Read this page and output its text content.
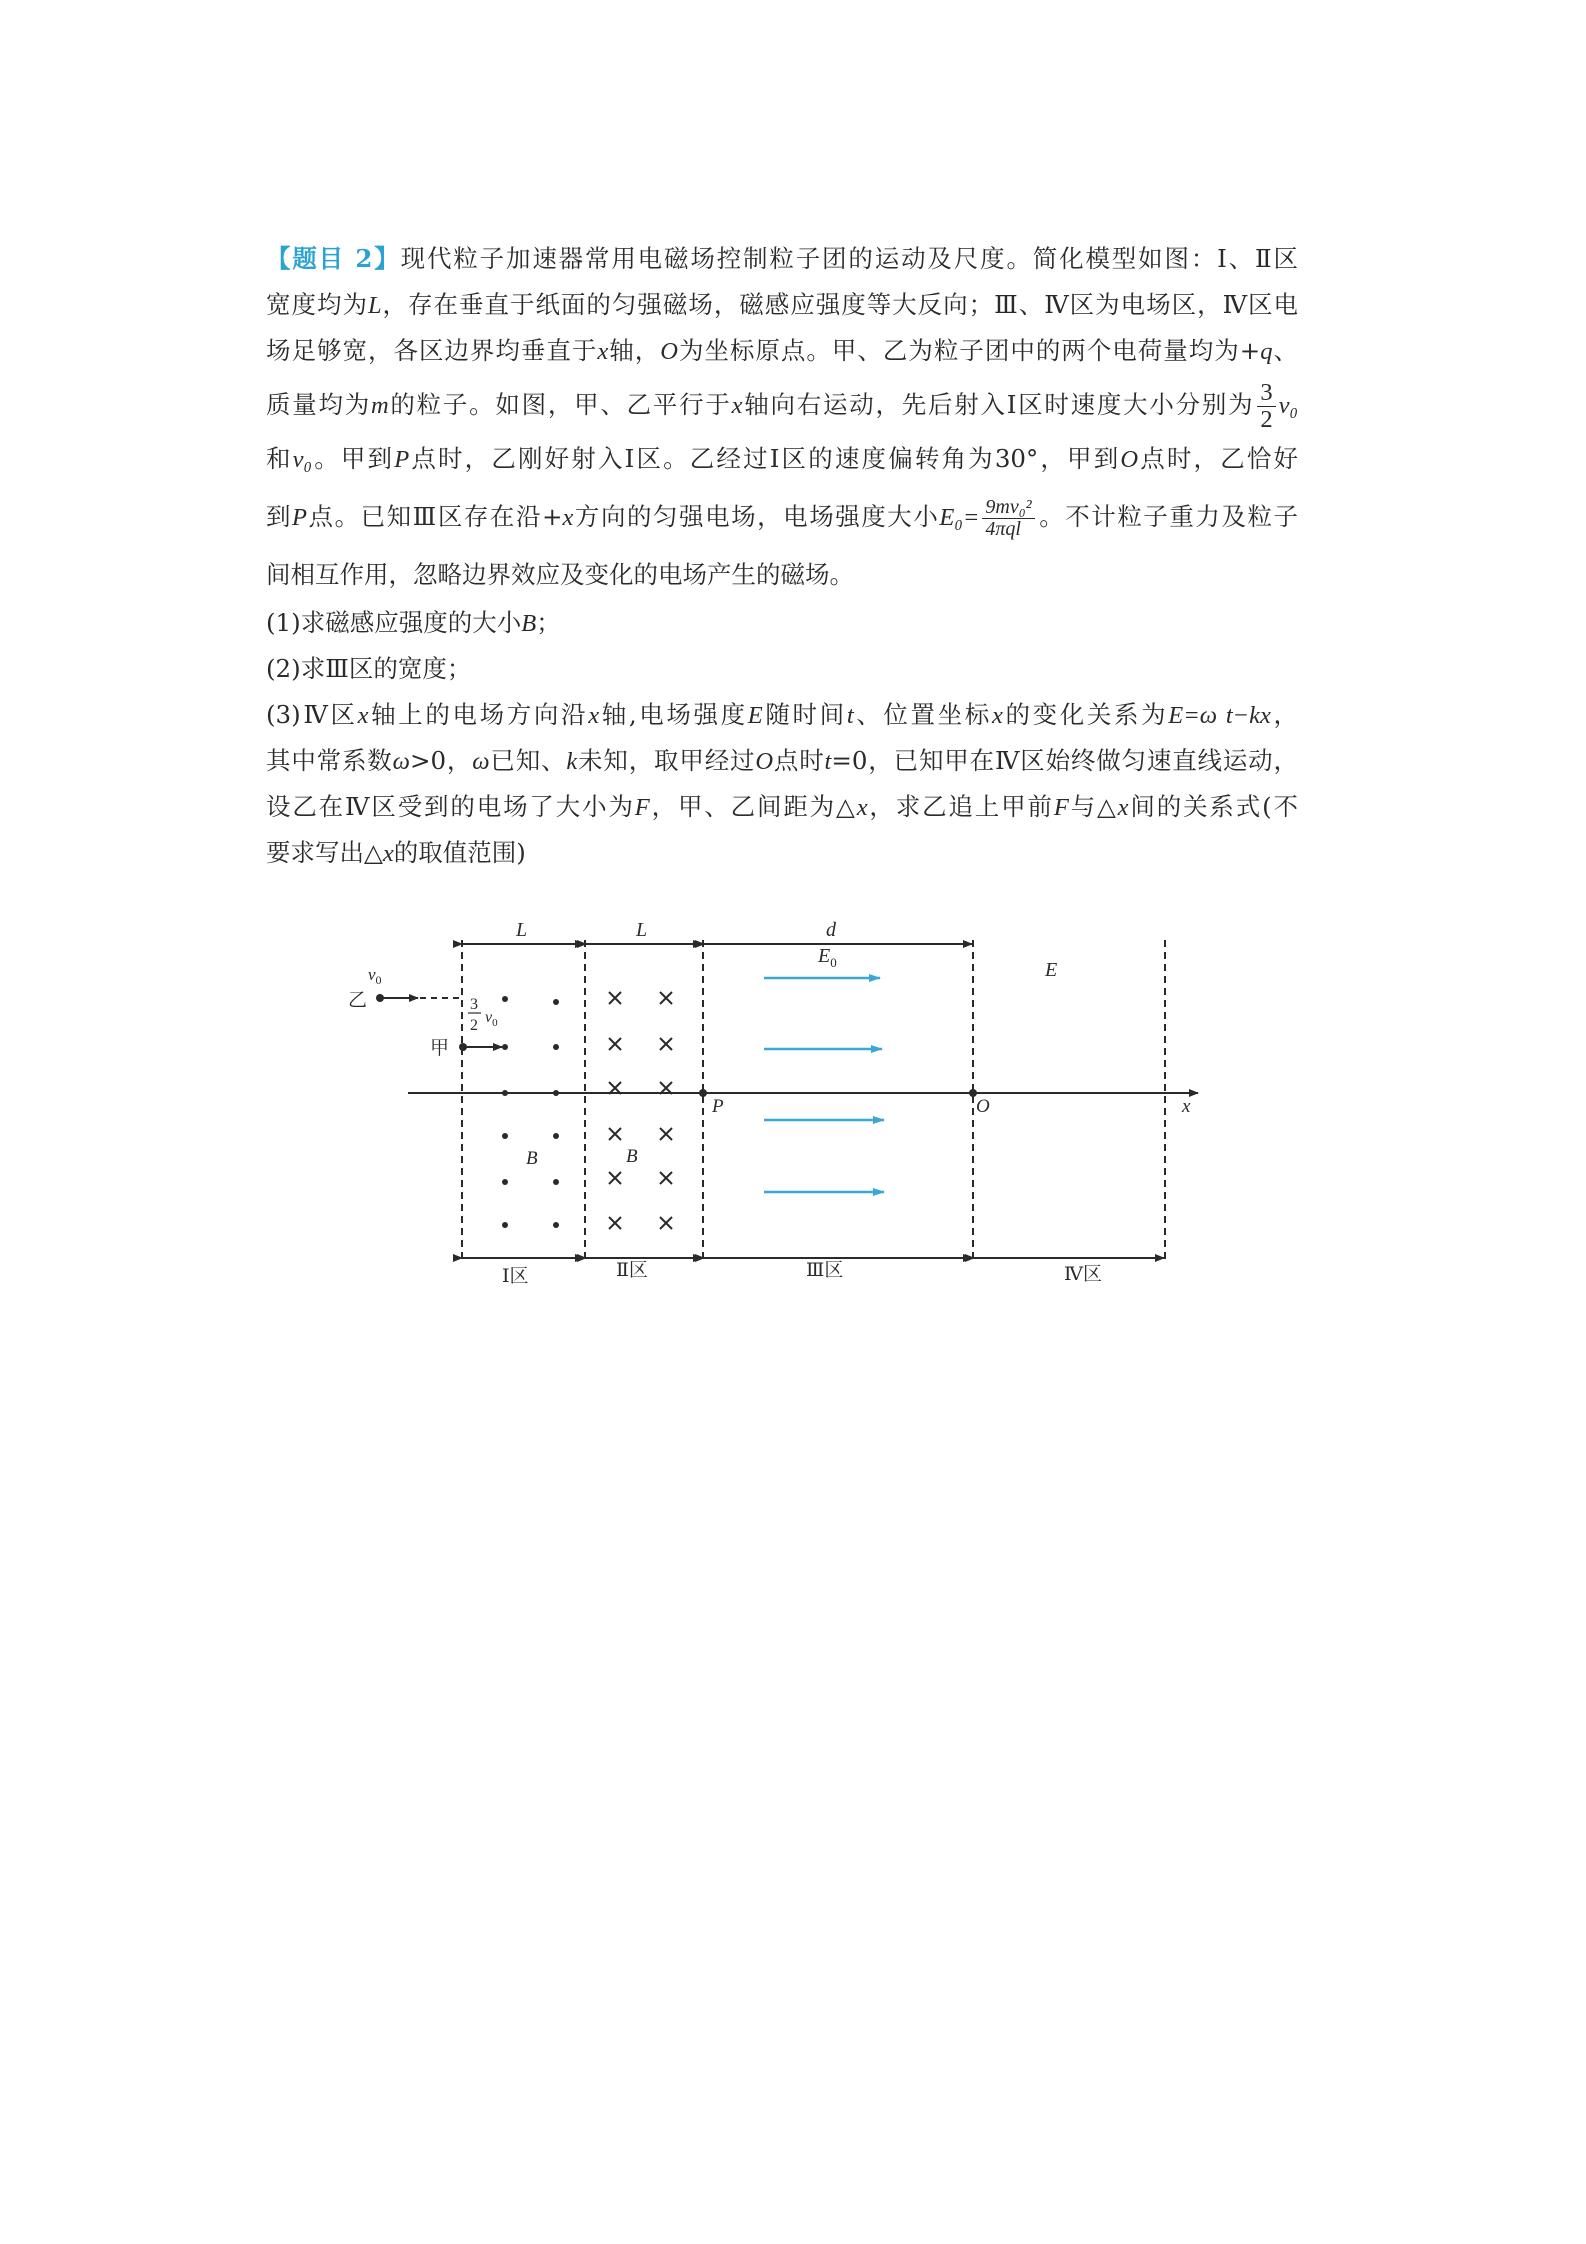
【题目 2】现代粒子加速器常用电磁场控制粒子团的运动及尺度。简化模型如图：Ⅰ、Ⅱ区
宽度均为L，存在垂直于纸面的匀强磁场，磁感应强度等大反向；Ⅲ、Ⅳ区为电场区，Ⅳ区电
场足够宽，各区边界均垂直于x轴，O为坐标原点。甲、乙为粒子团中的两个电荷量均为+q、
质量均为m的粒子。如图，甲、乙平行于x轴向右运动，先后射入Ⅰ区时速度大小分别为 $\frac{3}{2} v_0$
和v₀。甲到P点时，乙刚好射入Ⅰ区。乙经过Ⅰ区的速度偏转角为30°，甲到O点时，乙恰好
到P点。已知Ⅲ区存在沿+x方向的匀强电场，电场强度大小$E_0= \frac{\text{9mv₀²}}{\text{4πql}}$ 。不计粒子重力及粒子
间相互作用，忽略边界效应及变化的电场产生的磁场。
(1)求磁感应强度的大小B；
(2)求Ⅲ区的宽度；
(3)Ⅳ区x轴上的电场方向沿x轴,电场强度E随时间t、位置坐标x的变化关系为E=ω t−kx，
其中常系数ω>0，ω已知、k未知，取甲经过O点时t=0，已知甲在Ⅳ区始终做匀速直线运动，
设乙在Ⅳ区受到的电场了大小为F，甲、乙间距为△x，求乙追上甲前F与△x间的关系式(不
要求写出△x的取值范围)
L	L	d
P	O	x
B	B
$E_0$	E
乙
$v_0$
甲
3
2 $v_0$
Ⅰ区	Ⅱ区	Ⅲ区	Ⅳ区
